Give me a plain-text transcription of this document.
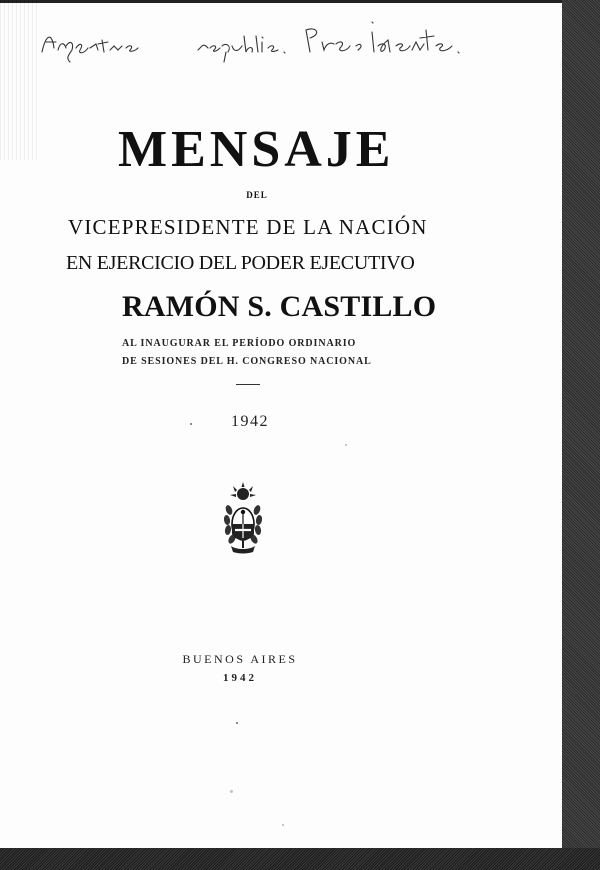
MENSAJE
DEL
VICEPRESIDENTE DE LA NACIÓN
EN EJERCICIO DEL PODER EJECUTIVO
RAMÓN S. CASTILLO
AL INAUGURAR EL PERÍODO ORDINARIO
DE SESIONES DEL H. CONGRESO NACIONAL
1942
BUENOS AIRES
1942
